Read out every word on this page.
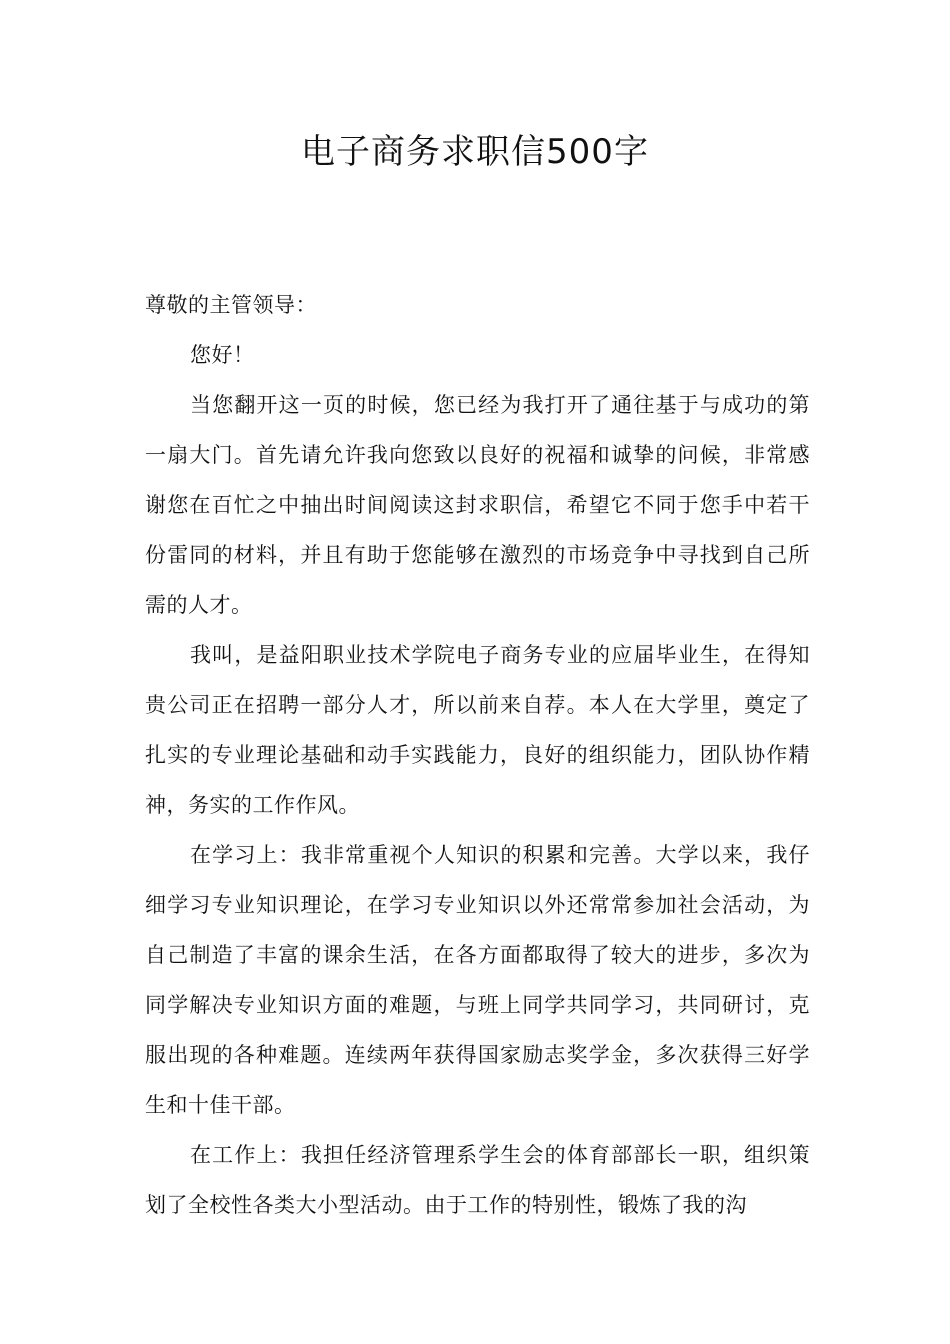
电子商务求职信500字

尊敬的主管领导：

您好！

当您翻开这一页的时候，您已经为我打开了通往基于与成功的第一扇大门。首先请允许我向您致以良好的祝福和诚挚的问候，非常感谢您在百忙之中抽出时间阅读这封求职信，希望它不同于您手中若干份雷同的材料，并且有助于您能够在激烈的市场竞争中寻找到自己所需的人才。

我叫，是益阳职业技术学院电子商务专业的应届毕业生，在得知贵公司正在招聘一部分人才，所以前来自荐。本人在大学里，奠定了扎实的专业理论基础和动手实践能力，良好的组织能力，团队协作精神，务实的工作作风。

在学习上：我非常重视个人知识的积累和完善。大学以来，我仔细学习专业知识理论，在学习专业知识以外还常常参加社会活动，为自己制造了丰富的课余生活，在各方面都取得了较大的进步，多次为同学解决专业知识方面的难题，与班上同学共同学习，共同研讨，克服出现的各种难题。连续两年获得国家励志奖学金，多次获得三好学生和十佳干部。

在工作上：我担任经济管理系学生会的体育部部长一职，组织策划了全校性各类大小型活动。由于工作的特别性，锻炼了我的沟
